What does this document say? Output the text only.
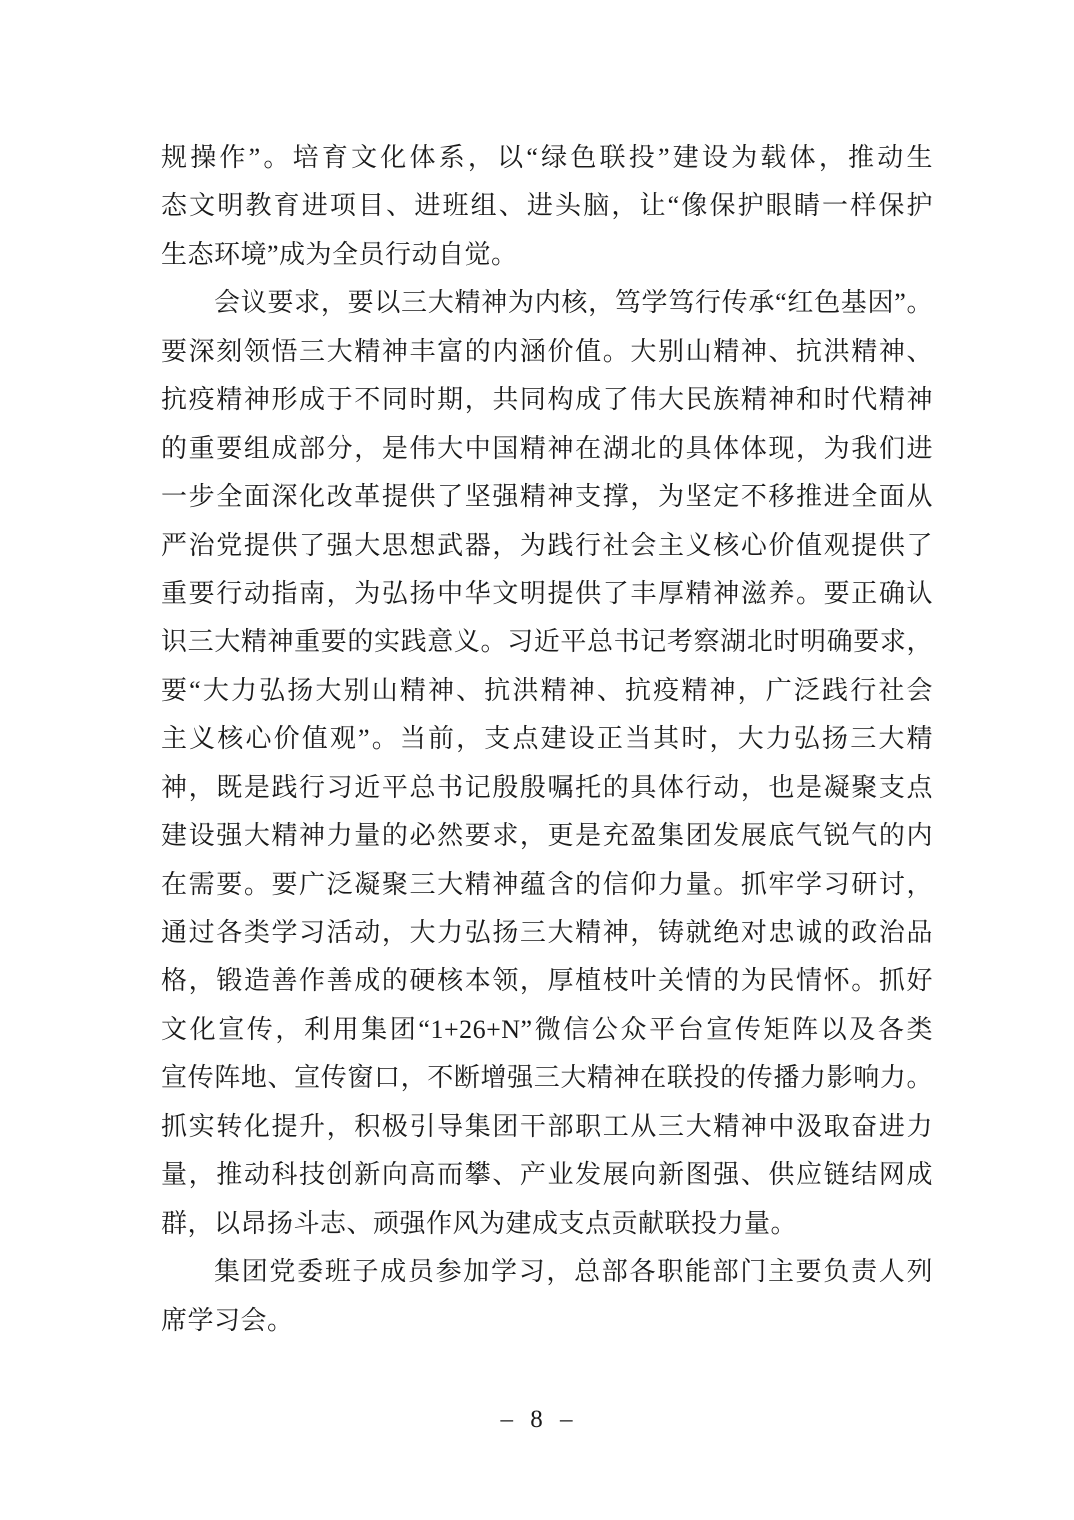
规操作”。培育文化体系，以“绿色联投”建设为载体，推动生
态文明教育进项目、进班组、进头脑，让“像保护眼睛一样保护
生态环境”成为全员行动自觉。
会议要求，要以三大精神为内核，笃学笃行传承“红色基因”。
要深刻领悟三大精神丰富的内涵价值。大别山精神、抗洪精神、
抗疫精神形成于不同时期，共同构成了伟大民族精神和时代精神
的重要组成部分，是伟大中国精神在湖北的具体体现，为我们进
一步全面深化改革提供了坚强精神支撑，为坚定不移推进全面从
严治党提供了强大思想武器，为践行社会主义核心价值观提供了
重要行动指南，为弘扬中华文明提供了丰厚精神滋养。要正确认
识三大精神重要的实践意义。习近平总书记考察湖北时明确要求，
要“大力弘扬大别山精神、抗洪精神、抗疫精神，广泛践行社会
主义核心价值观”。当前，支点建设正当其时，大力弘扬三大精
神，既是践行习近平总书记殷殷嘱托的具体行动，也是凝聚支点
建设强大精神力量的必然要求，更是充盈集团发展底气锐气的内
在需要。要广泛凝聚三大精神蕴含的信仰力量。抓牢学习研讨，
通过各类学习活动，大力弘扬三大精神，铸就绝对忠诚的政治品
格，锻造善作善成的硬核本领，厚植枝叶关情的为民情怀。抓好
文化宣传，利用集团“1+26+N”微信公众平台宣传矩阵以及各类
宣传阵地、宣传窗口，不断增强三大精神在联投的传播力影响力。
抓实转化提升，积极引导集团干部职工从三大精神中汲取奋进力
量，推动科技创新向高而攀、产业发展向新图强、供应链结网成
群，以昂扬斗志、顽强作风为建成支点贡献联投力量。
集团党委班子成员参加学习，总部各职能部门主要负责人列
席学习会。
– 8 –
